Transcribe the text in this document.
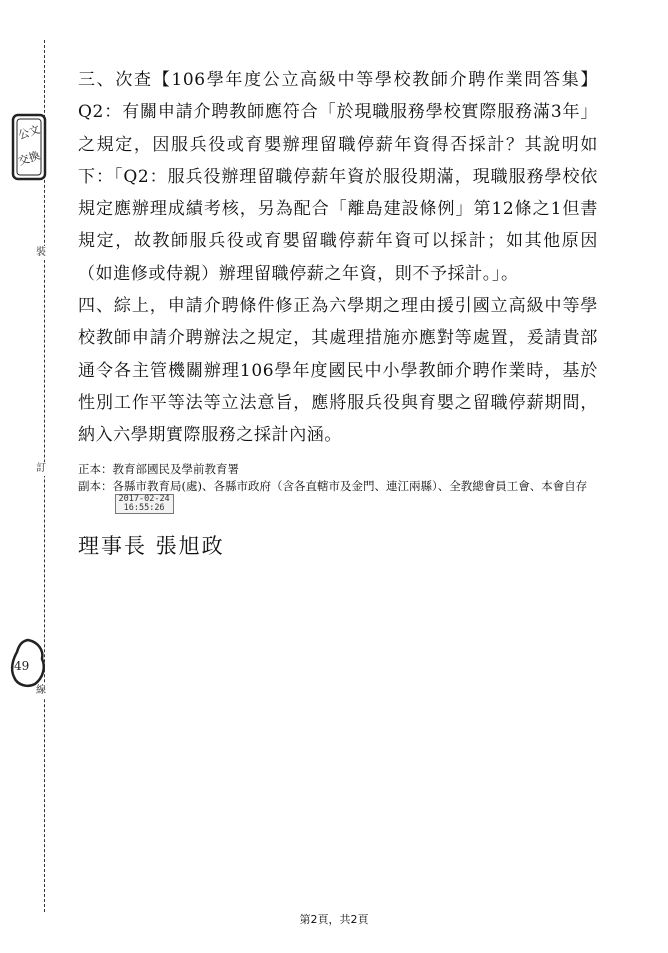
裝
訂
線
公文
交換
49

三、次查【106學年度公立高級中等學校教師介聘作業問答集】Q2：有關申請介聘教師應符合「於現職服務學校實際服務滿3年」之規定，因服兵役或育嬰辦理留職停薪年資得否採計？其說明如下：「Q2：服兵役辦理留職停薪年資於服役期滿，現職服務學校依規定應辦理成績考核，另為配合「離島建設條例」第12條之1但書規定，故教師服兵役或育嬰留職停薪年資可以採計；如其他原因（如進修或侍親）辦理留職停薪之年資，則不予採計。」。

四、綜上，申請介聘條件修正為六學期之理由援引國立高級中等學校教師申請介聘辦法之規定，其處理措施亦應對等處置，爰請貴部通令各主管機關辦理106學年度國民中小學教師介聘作業時，基於性別工作平等法等立法意旨，應將服兵役與育嬰之留職停薪期間，納入六學期實際服務之採計內涵。

正本： 教育部國民及學前教育署
副本： 各縣市教育局(處)、各縣市政府（含各直轄市及金門、連江兩縣）、全教總會員工會、本會自存2017-02-24
16:55:26
理事長 張旭政
第2頁，共2頁
